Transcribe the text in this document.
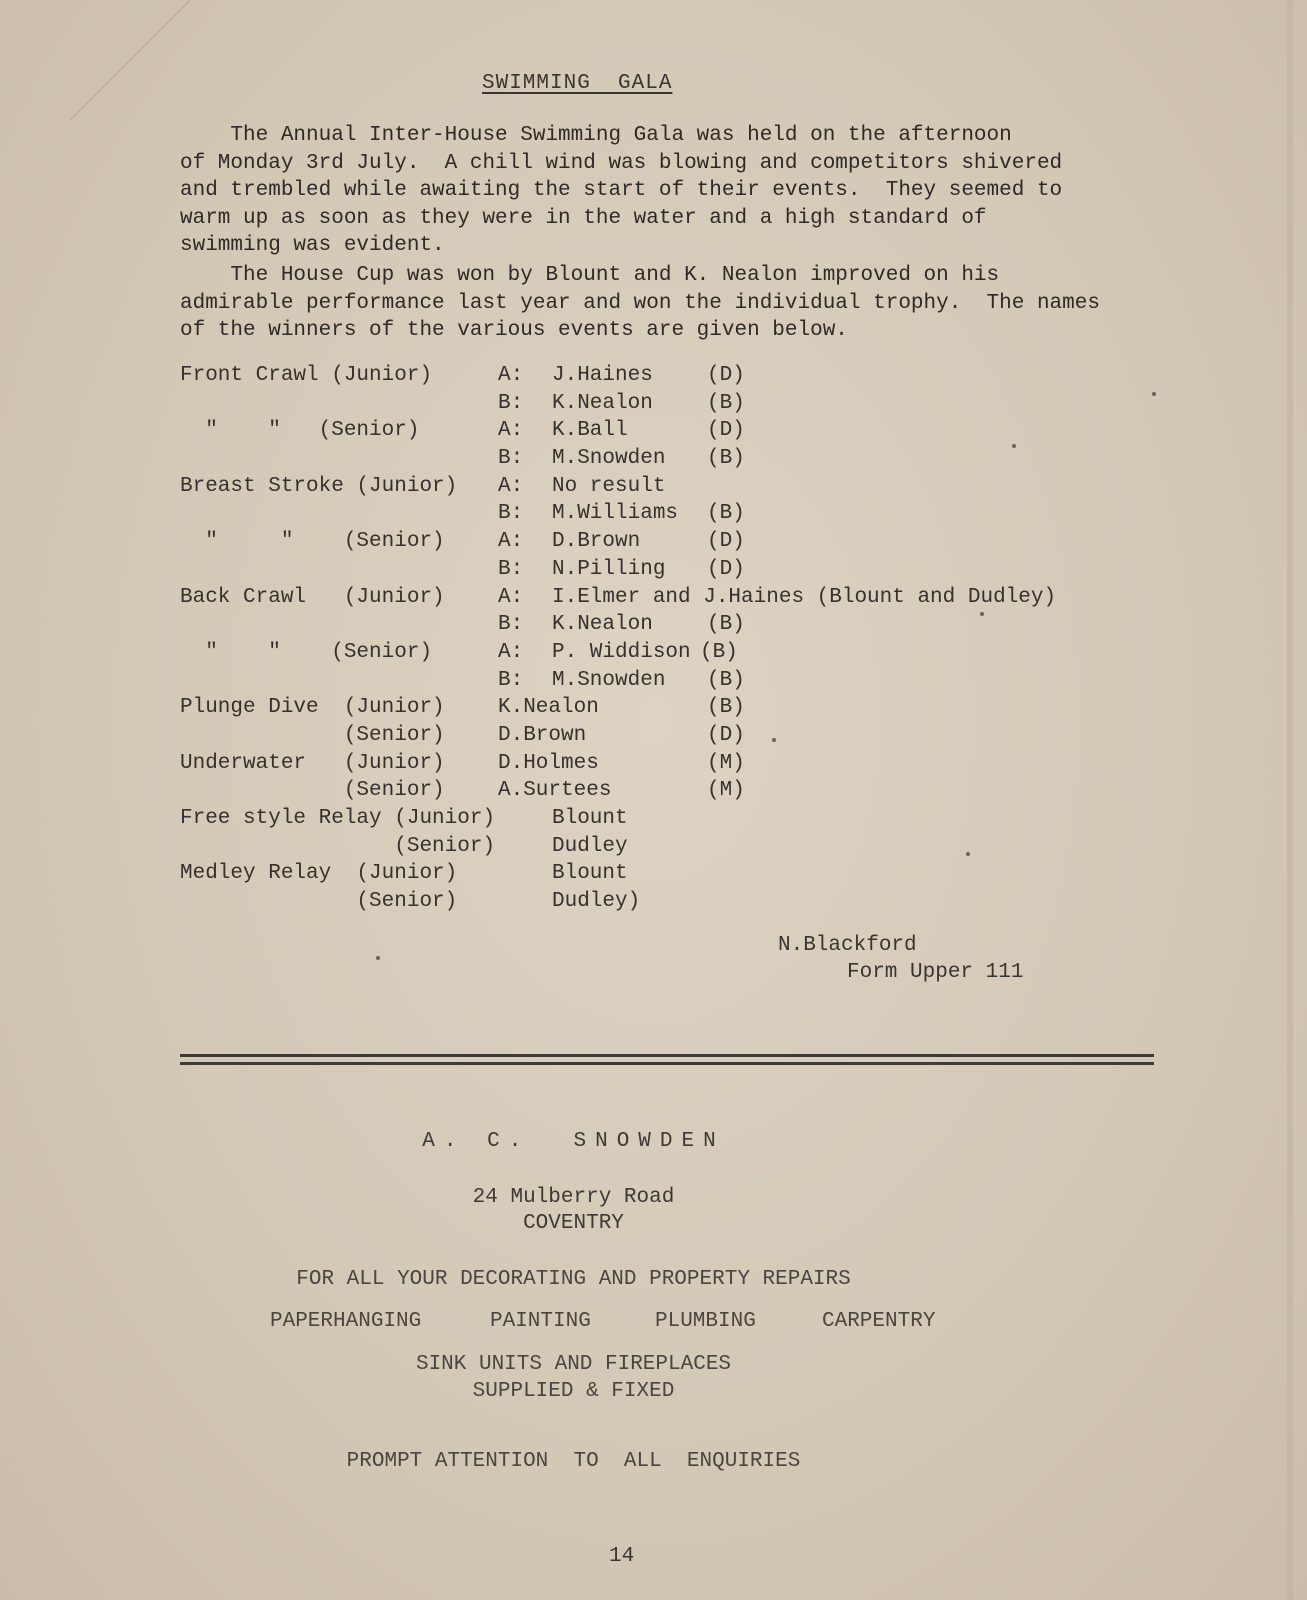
SWIMMING  GALA
The Annual Inter-House Swimming Gala was held on the afternoon
of Monday 3rd July.  A chill wind was blowing and competitors shivered
and trembled while awaiting the start of their events.  They seemed to
warm up as soon as they were in the water and a high standard of
swimming was evident.
The House Cup was won by Blount and K. Nealon improved on his
admirable performance last year and won the individual trophy.  The names
of the winners of the various events are given below.
Front Crawl (Junior)	A: J.Haines	(D)
B: K.Nealon	(B)
"    "   (Senior)	A: K.Ball	(D)
B: M.Snowden (B)
Breast Stroke (Junior) A: No result
B: M.Williams (B)
"     "    (Senior)	A: D.Brown	(D)
B: N.Pilling (D)
Back Crawl   (Junior)	A: I.Elmer and J.Haines (Blount and Dudley)
B: K.Nealon	(B)
"    "    (Senior)	A: P. Widdison (B)
B: M.Snowden (B)
Plunge Dive  (Junior)	K.Nealon	(B)
(Senior)	D.Brown	(D)
Underwater   (Junior)	D.Holmes	(M)
(Senior)	A.Surtees	(M)
Free style Relay (Junior)	Blount
(Senior)	Dudley
Medley Relay  (Junior)	Blount
(Senior)	Dudley)
N.Blackford
Form Upper 111
A. C.  SNOWDEN
24 Mulberry Road
COVENTRY
FOR ALL YOUR DECORATING AND PROPERTY REPAIRS
PAPERHANGING	PAINTING	PLUMBING	CARPENTRY
SINK UNITS AND FIREPLACES
SUPPLIED & FIXED
PROMPT ATTENTION  TO  ALL  ENQUIRIES
14
